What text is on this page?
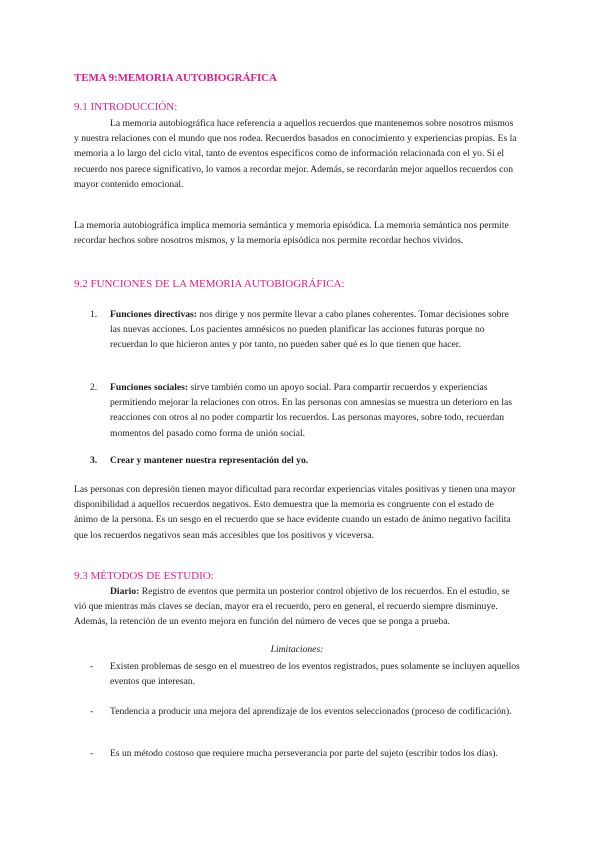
TEMA 9:MEMORIA AUTOBIOGRÁFICA
9.1 INTRODUCCIÓN:
La memoria autobiográfica hace referencia a aquellos recuerdos que mantenemos sobre nosotros mismos y nuestra relaciones con el mundo que nos rodea. Recuerdos basados en conocimiento y experiencias propias. Es la memoria a lo largo del ciclo vital, tanto de eventos específicos como de información relacionada con el yo. Si el recuerdo nos parece significativo, lo vamos a recordar mejor. Además, se recordarán mejor aquellos recuerdos con mayor contenido emocional.
La memoria autobiográfica implica memoria semántica y memoria episódica. La memoria semántica nos permite recordar hechos sobre nosotros mismos, y la memoria episódica nos permite recordar hechos vividos.
9.2 FUNCIONES DE LA MEMORIA AUTOBIOGRÁFICA:
1. Funciones directivas: nos dirige y nos permite llevar a cabo planes coherentes. Tomar decisiones sobre las nuevas acciones. Los pacientes amnésicos no pueden planificar las acciones futuras porque no recuerdan lo que hicieron antes y por tanto, no pueden saber qué es lo que tienen que hacer.
2. Funciones sociales: sirve también como un apoyo social. Para compartir recuerdos y experiencias permitiendo mejorar la relaciones con otros. En las personas con amnesias se muestra un deterioro en las reacciones con otros al no poder compartir los recuerdos. Las personas mayores, sobre todo, recuerdan momentos del pasado como forma de unión social.
3. Crear y mantener nuestra representación del yo.
Las personas con depresión tienen mayor dificultad para recordar experiencias vitales positivas y tienen una mayor disponibilidad a aquellos recuerdos negativos. Esto demuestra que la memoria es congruente con el estado de ánimo de la persona. Es un sesgo en el recuerdo que se hace evidente cuando un estado de ánimo negativo facilita que los recuerdos negativos sean más accesibles que los positivos y viceversa.
9.3 MÉTODOS DE ESTUDIO:
Diario: Registro de eventos que permita un posterior control objetivo de los recuerdos. En el estudio, se vió que mientras más claves se decían, mayor era el recuerdo, pero en general, el recuerdo siempre disminuye. Además, la retención de un evento mejora en función del número de veces que se ponga a prueba.
Limitaciones:
- Existen problemas de sesgo en el muestreo de los eventos registrados, pues solamente se incluyen aquellos eventos que interesan.
- Tendencia a producir una mejora del aprendizaje de los eventos seleccionados (proceso de codificación).
- Es un método costoso que requiere mucha perseverancia por parte del sujeto (escribir todos los días).
